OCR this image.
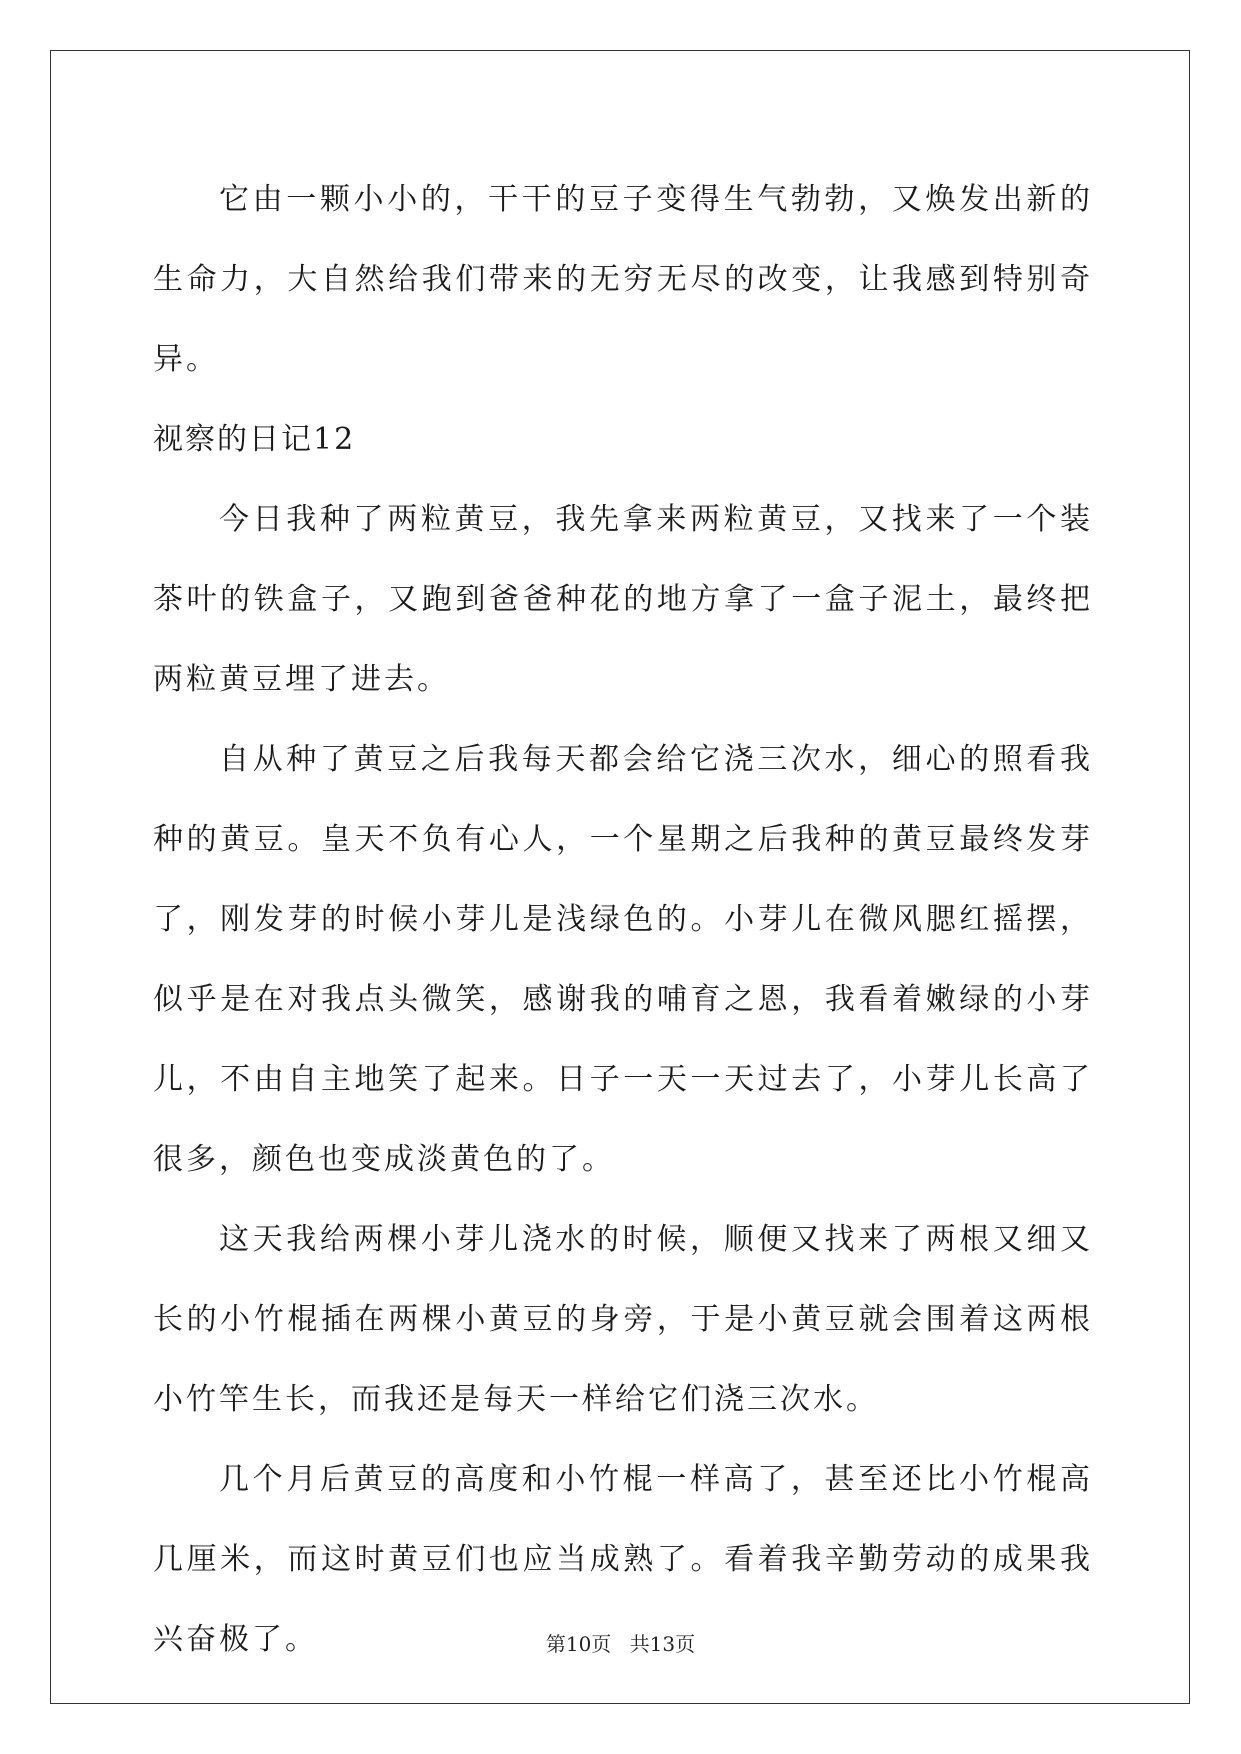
它由一颗小小的，干干的豆子变得生气勃勃，又焕发出新的生命力，大自然给我们带来的无穷无尽的改变，让我感到特别奇异。

视察的日记12

今日我种了两粒黄豆，我先拿来两粒黄豆，又找来了一个装茶叶的铁盒子，又跑到爸爸种花的地方拿了一盒子泥土，最终把两粒黄豆埋了进去。

自从种了黄豆之后我每天都会给它浇三次水，细心的照看我种的黄豆。皇天不负有心人，一个星期之后我种的黄豆最终发芽了，刚发芽的时候小芽儿是浅绿色的。小芽儿在微风腮红摇摆，似乎是在对我点头微笑，感谢我的哺育之恩，我看着嫩绿的小芽儿，不由自主地笑了起来。日子一天一天过去了，小芽儿长高了很多，颜色也变成淡黄色的了。

这天我给两棵小芽儿浇水的时候，顺便又找来了两根又细又长的小竹棍插在两棵小黄豆的身旁，于是小黄豆就会围着这两根小竹竿生长，而我还是每天一样给它们浇三次水。

几个月后黄豆的高度和小竹棍一样高了，甚至还比小竹棍高几厘米，而这时黄豆们也应当成熟了。看着我辛勤劳动的成果我兴奋极了。	第10页 共13页
